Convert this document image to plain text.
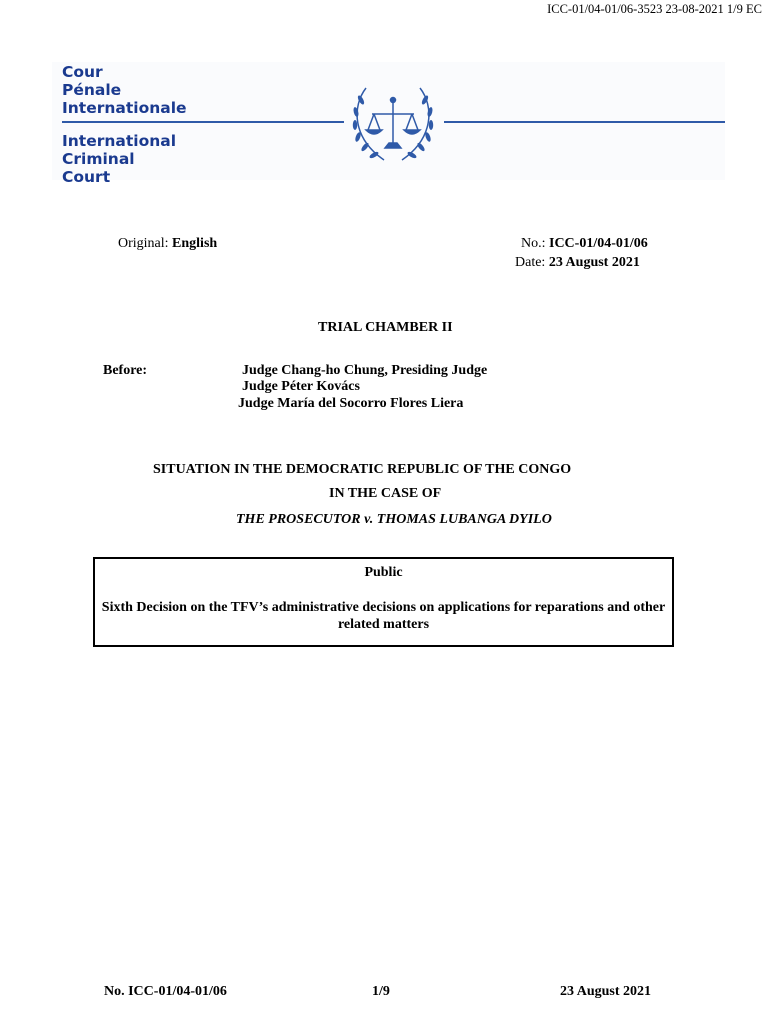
ICC-01/04-01/06-3523 23-08-2021 1/9 EC
Cour
Pénale
Internationale
International
Criminal
Court
Original: English	No.: ICC-01/04-01/06
Date: 23 August 2021
TRIAL CHAMBER II
Before:	Judge Chang-ho Chung, Presiding Judge
Judge Péter Kovács
Judge María del Socorro Flores Liera
SITUATION IN THE DEMOCRATIC REPUBLIC OF THE CONGO
IN THE CASE OF
THE PROSECUTOR v. THOMAS LUBANGA DYILO
Public
Sixth Decision on the TFV’s administrative decisions on applications for reparations and other related matters
No. ICC-01/04-01/06	1/9	23 August 2021
